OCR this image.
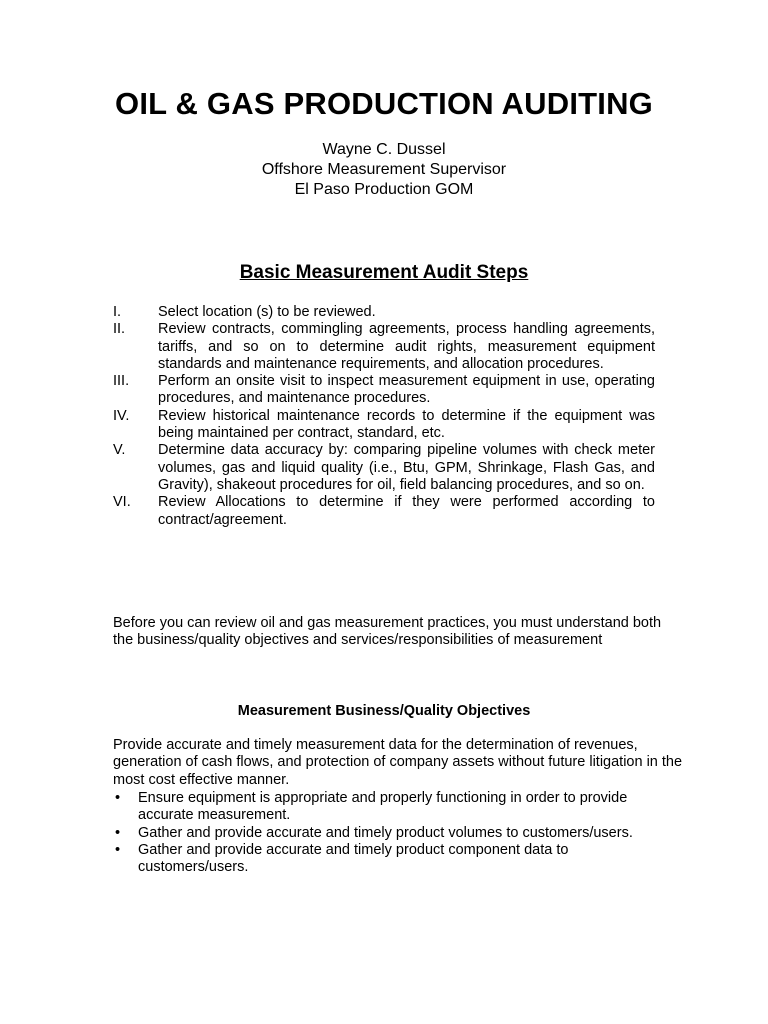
OIL & GAS PRODUCTION AUDITING
Wayne C. Dussel
Offshore Measurement Supervisor
El Paso Production GOM
Basic Measurement Audit Steps
I.	Select location (s) to be reviewed.
II.	Review contracts, commingling agreements, process handling agreements, tariffs, and so on to determine audit rights, measurement equipment standards and maintenance requirements, and allocation procedures.
III.	Perform an onsite visit to inspect measurement equipment in use, operating procedures, and maintenance procedures.
IV.	Review historical maintenance records to determine if the equipment was being maintained per contract, standard, etc.
V.	Determine data accuracy by: comparing pipeline volumes with check meter volumes, gas and liquid quality (i.e., Btu, GPM, Shrinkage, Flash Gas, and Gravity), shakeout procedures for oil, field balancing procedures, and so on.
VI.	Review Allocations to determine if they were performed according to contract/agreement.
Before you can review oil and gas measurement practices, you must understand both the business/quality objectives and services/responsibilities of measurement
Measurement Business/Quality Objectives
Provide accurate and timely measurement data for the determination of revenues, generation of cash flows, and protection of company assets without future litigation in the most cost effective manner.
•	Ensure equipment is appropriate and properly functioning in order to provide accurate measurement.
•	Gather and provide accurate and timely product volumes to customers/users.
•	Gather and provide accurate and timely product component data to customers/users.
